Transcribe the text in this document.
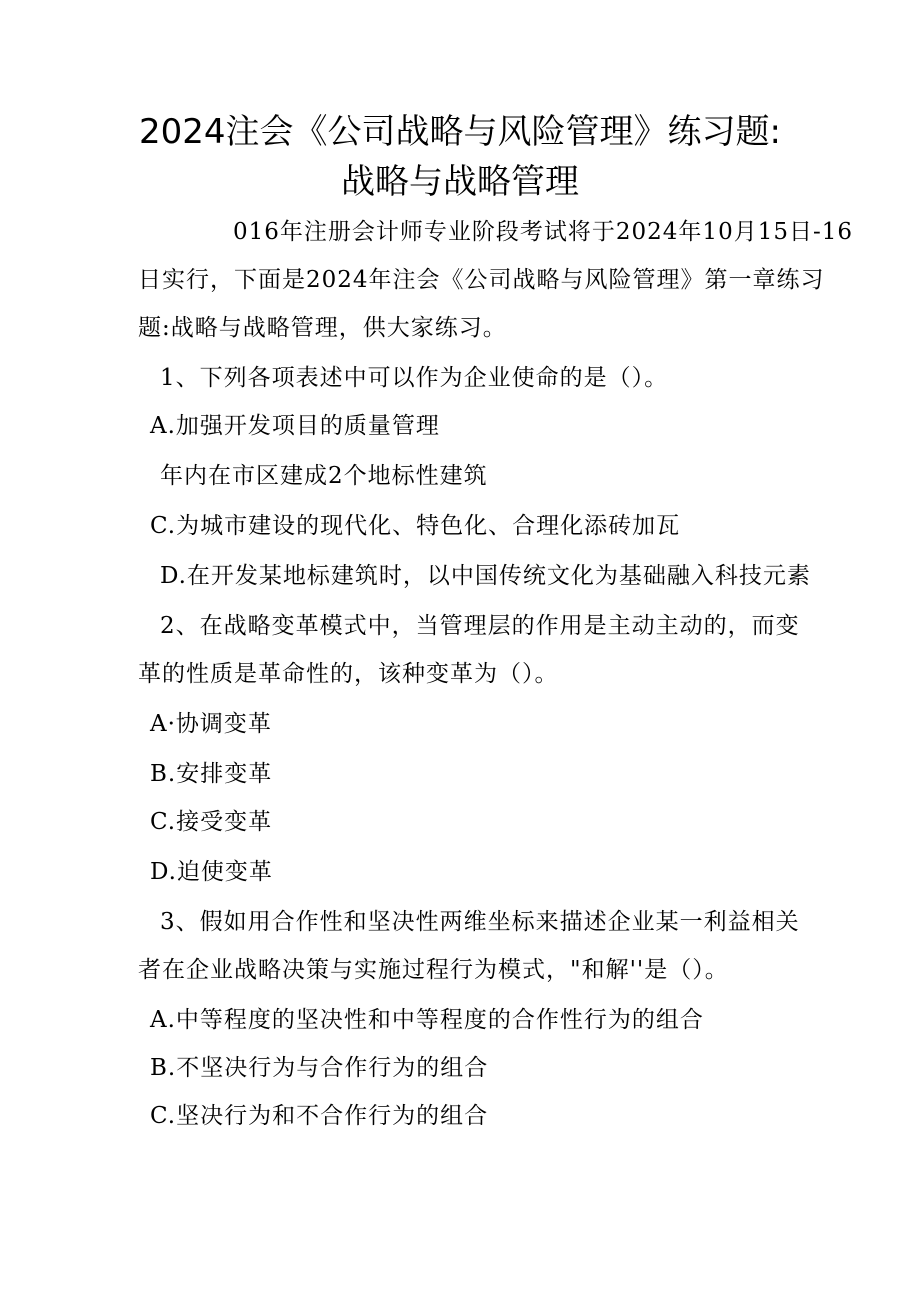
2024注会《公司战略与风险管理》练习题:
战略与战略管理
016年注册会计师专业阶段考试将于2024年10月15日-16
日实行，下面是2024年注会《公司战略与风险管理》第一章练习
题:战略与战略管理，供大家练习。
1、下列各项表述中可以作为企业使命的是（）。
A.加强开发项目的质量管理
年内在市区建成2个地标性建筑
C.为城市建设的现代化、特色化、合理化添砖加瓦
D.在开发某地标建筑时，以中国传统文化为基础融入科技元素
2、在战略变革模式中，当管理层的作用是主动主动的，而变
革的性质是革命性的，该种变革为（）。
A·协调变革
B.安排变革
C.接受变革
D.迫使变革
3、假如用合作性和坚决性两维坐标来描述企业某一利益相关
者在企业战略决策与实施过程行为模式，"和解''是（）。
A.中等程度的坚决性和中等程度的合作性行为的组合
B.不坚决行为与合作行为的组合
C.坚决行为和不合作行为的组合
